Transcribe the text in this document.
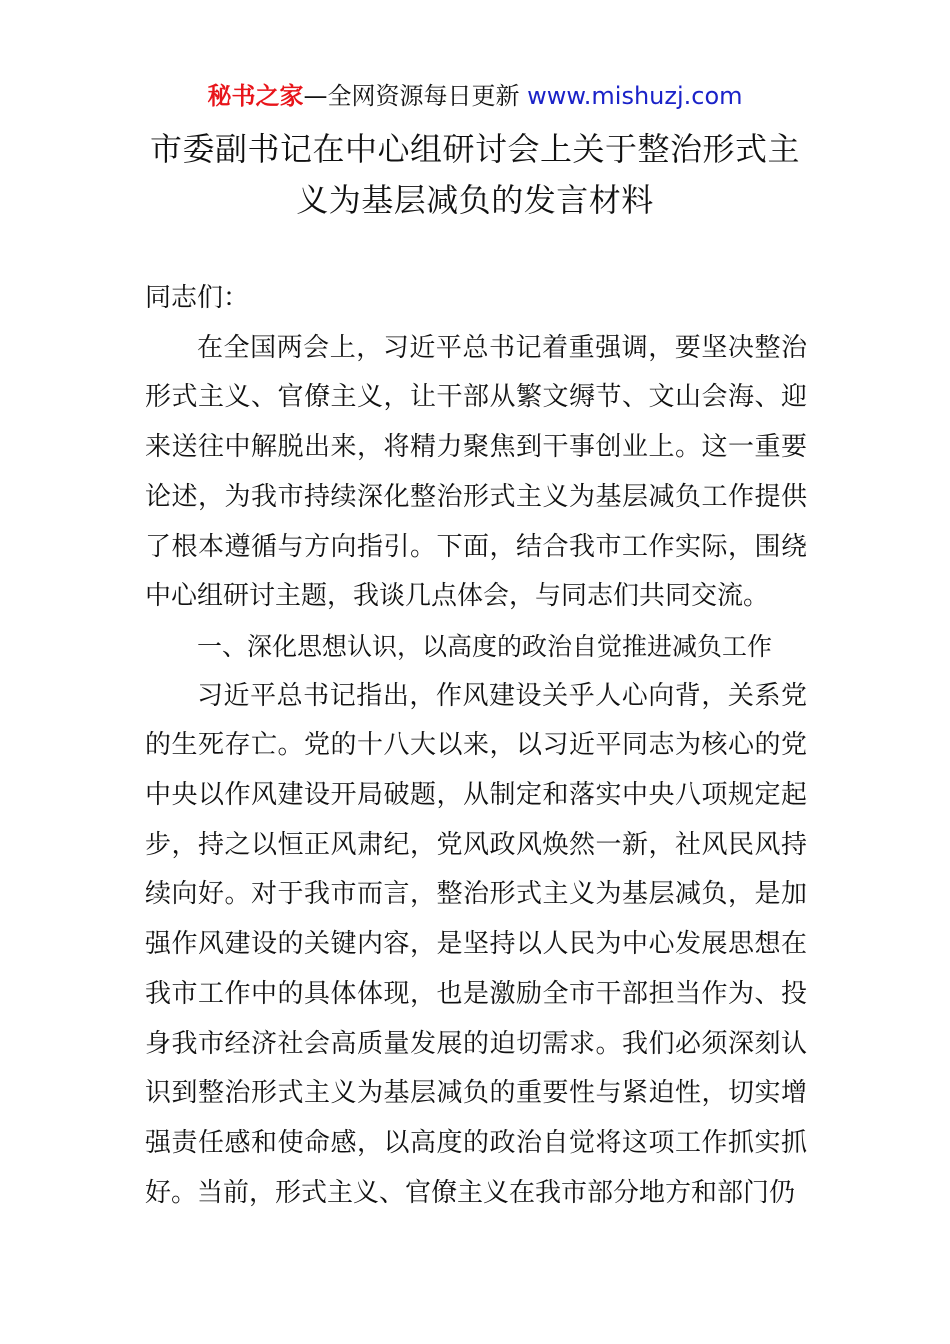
秘书之家—全网资源每日更新 www.mishuzj.com
市委副书记在中心组研讨会上关于整治形式主义为基层减负的发言材料

同志们：

在全国两会上，习近平总书记着重强调，要坚决整治形式主义、官僚主义，让干部从繁文缛节、文山会海、迎来送往中解脱出来，将精力聚焦到干事创业上。这一重要论述，为我市持续深化整治形式主义为基层减负工作提供了根本遵循与方向指引。下面，结合我市工作实际，围绕中心组研讨主题，我谈几点体会，与同志们共同交流。

一、深化思想认识，以高度的政治自觉推进减负工作

习近平总书记指出，作风建设关乎人心向背，关系党的生死存亡。党的十八大以来，以习近平同志为核心的党中央以作风建设开局破题，从制定和落实中央八项规定起步，持之以恒正风肃纪，党风政风焕然一新，社风民风持续向好。对于我市而言，整治形式主义为基层减负，是加强作风建设的关键内容，是坚持以人民为中心发展思想在我市工作中的具体体现，也是激励全市干部担当作为、投身我市经济社会高质量发展的迫切需求。我们必须深刻认识到整治形式主义为基层减负的重要性与紧迫性，切实增强责任感和使命感，以高度的政治自觉将这项工作抓实抓好。当前，形式主义、官僚主义在我市部分地方和部门仍
